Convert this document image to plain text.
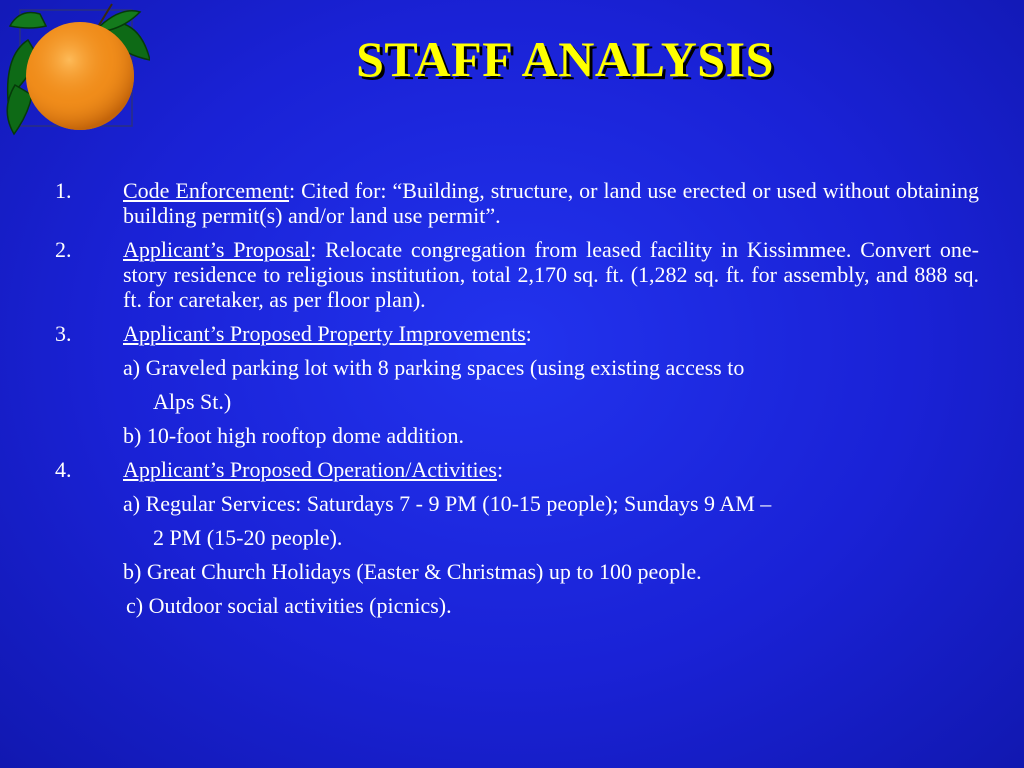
STAFF ANALYSIS
1. Code Enforcement: Cited for: “Building, structure, or land use erected or used without obtaining building permit(s) and/or land use permit”.
2. Applicant’s Proposal: Relocate congregation from leased facility in Kissimmee. Convert one-story residence to religious institution, total 2,170 sq. ft. (1,282 sq. ft. for assembly, and 888 sq. ft. for caretaker, as per floor plan).
3. Applicant’s Proposed Property Improvements:
a) Graveled parking lot with 8 parking spaces (using existing access to
Alps St.)
b) 10-foot high rooftop dome addition.
4. Applicant’s Proposed Operation/Activities:
a) Regular Services: Saturdays 7 - 9 PM (10-15 people); Sundays 9 AM –
2 PM (15-20 people).
b) Great Church Holidays (Easter & Christmas) up to 100 people.
c) Outdoor social activities (picnics).
